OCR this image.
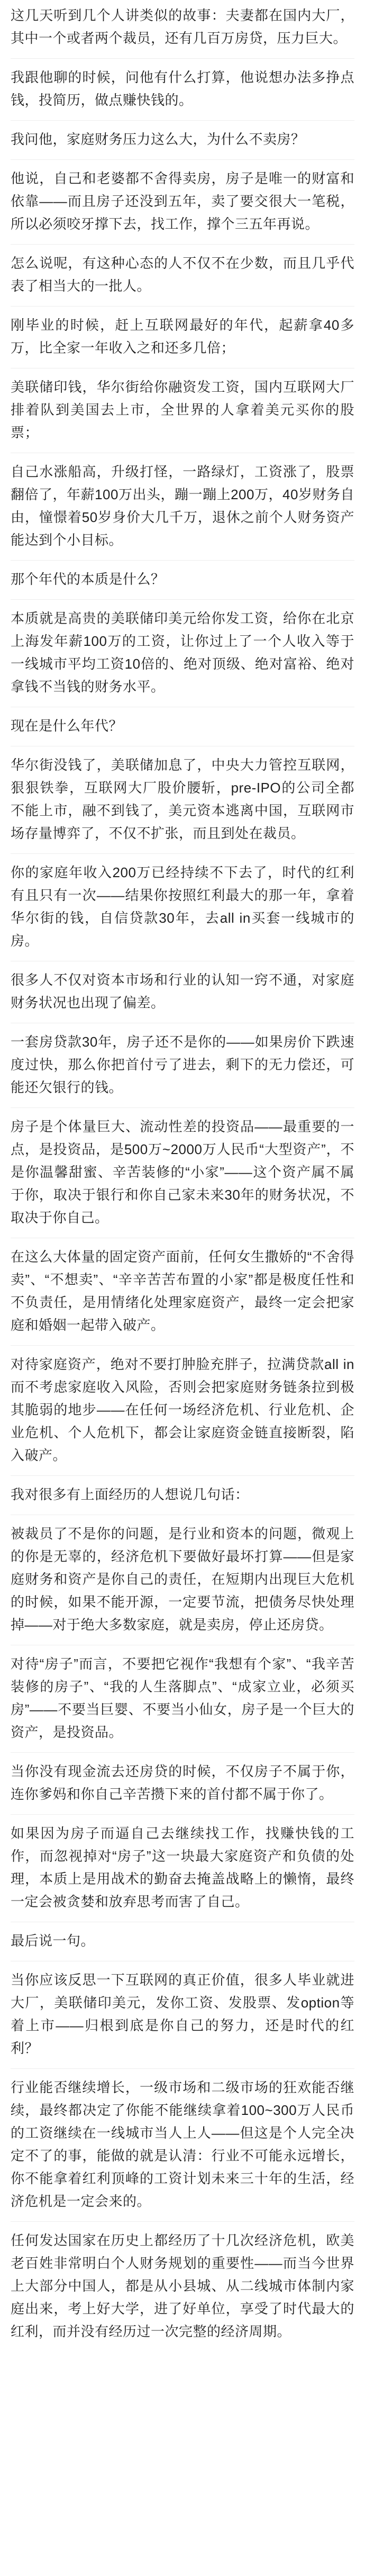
这几天听到几个人讲类似的故事：夫妻都在国内大厂，其中一个或者两个裁员，还有几百万房贷，压力巨大。

我跟他聊的时候，问他有什么打算，他说想办法多挣点钱，投简历，做点赚快钱的。

我问他，家庭财务压力这么大，为什么不卖房？

他说，自己和老婆都不舍得卖房，房子是唯一的财富和依靠——而且房子还没到五年，卖了要交很大一笔税，所以必须咬牙撑下去，找工作，撑个三五年再说。

怎么说呢，有这种心态的人不仅不在少数，而且几乎代表了相当大的一批人。

刚毕业的时候，赶上互联网最好的年代，起薪拿40多万，比全家一年收入之和还多几倍；

美联储印钱，华尔街给你融资发工资，国内互联网大厂排着队到美国去上市，全世界的人拿着美元买你的股票；

自己水涨船高，升级打怪，一路绿灯，工资涨了，股票翻倍了，年薪100万出头，蹦一蹦上200万，40岁财务自由，憧憬着50岁身价大几千万，退休之前个人财务资产能达到个小目标。

那个年代的本质是什么？

本质就是高贵的美联储印美元给你发工资，给你在北京上海发年薪100万的工资，让你过上了一个人收入等于一线城市平均工资10倍的、绝对顶级、绝对富裕、绝对拿钱不当钱的财务水平。

现在是什么年代？

华尔街没钱了，美联储加息了，中央大力管控互联网，狠狠铁拳，互联网大厂股价腰斩，pre-IPO的公司全都不能上市，融不到钱了，美元资本逃离中国，互联网市场存量博弈了，不仅不扩张，而且到处在裁员。

你的家庭年收入200万已经持续不下去了，时代的红利有且只有一次——结果你按照红利最大的那一年，拿着华尔街的钱，自信贷款30年，去all in买套一线城市的房。

很多人不仅对资本市场和行业的认知一窍不通，对家庭财务状况也出现了偏差。

一套房贷款30年，房子还不是你的——如果房价下跌速度过快，那么你把首付亏了进去，剩下的无力偿还，可能还欠银行的钱。

房子是个体量巨大、流动性差的投资品——最重要的一点，是投资品，是500万~2000万人民币“大型资产”，不是你温馨甜蜜、辛苦装修的“小家”——这个资产属不属于你，取决于银行和你自己家未来30年的财务状况，不取决于你自己。

在这么大体量的固定资产面前，任何女生撒娇的“不舍得卖”、“不想卖”、“辛辛苦苦布置的小家”都是极度任性和不负责任，是用情绪化处理家庭资产，最终一定会把家庭和婚姻一起带入破产。

对待家庭资产，绝对不要打肿脸充胖子，拉满贷款all in而不考虑家庭收入风险，否则会把家庭财务链条拉到极其脆弱的地步——在任何一场经济危机、行业危机、企业危机、个人危机下，都会让家庭资金链直接断裂，陷入破产。

我对很多有上面经历的人想说几句话：

被裁员了不是你的问题，是行业和资本的问题，微观上的你是无辜的，经济危机下要做好最坏打算——但是家庭财务和资产是你自己的责任，在短期内出现巨大危机的时候，如果不能开源，一定要节流，把债务尽快处理掉——对于绝大多数家庭，就是卖房，停止还房贷。

对待“房子”而言，不要把它视作“我想有个家”、“我辛苦装修的房子”、“我的人生落脚点”、“成家立业，必须买房”——不要当巨婴、不要当小仙女，房子是一个巨大的资产，是投资品。

当你没有现金流去还房贷的时候，不仅房子不属于你，连你爹妈和你自己辛苦攒下来的首付都不属于你了。

如果因为房子而逼自己去继续找工作，找赚快钱的工作，而忽视掉对“房子”这一块最大家庭资产和负债的处理，本质上是用战术的勤奋去掩盖战略上的懒惰，最终一定会被贪婪和放弃思考而害了自己。

最后说一句。

当你应该反思一下互联网的真正价值，很多人毕业就进大厂，美联储印美元，发你工资、发股票、发option等着上市——归根到底是你自己的努力，还是时代的红利？

行业能否继续增长，一级市场和二级市场的狂欢能否继续，最终都决定了你能不能继续拿着100~300万人民币的工资继续在一线城市当人上人——但这是个人完全决定不了的事，能做的就是认清：行业不可能永远增长，你不能拿着红利顶峰的工资计划未来三十年的生活，经济危机是一定会来的。

任何发达国家在历史上都经历了十几次经济危机，欧美老百姓非常明白个人财务规划的重要性——而当今世界上大部分中国人，都是从小县城、从二线城市体制内家庭出来，考上好大学，进了好单位，享受了时代最大的红利，而并没有经历过一次完整的经济周期。
